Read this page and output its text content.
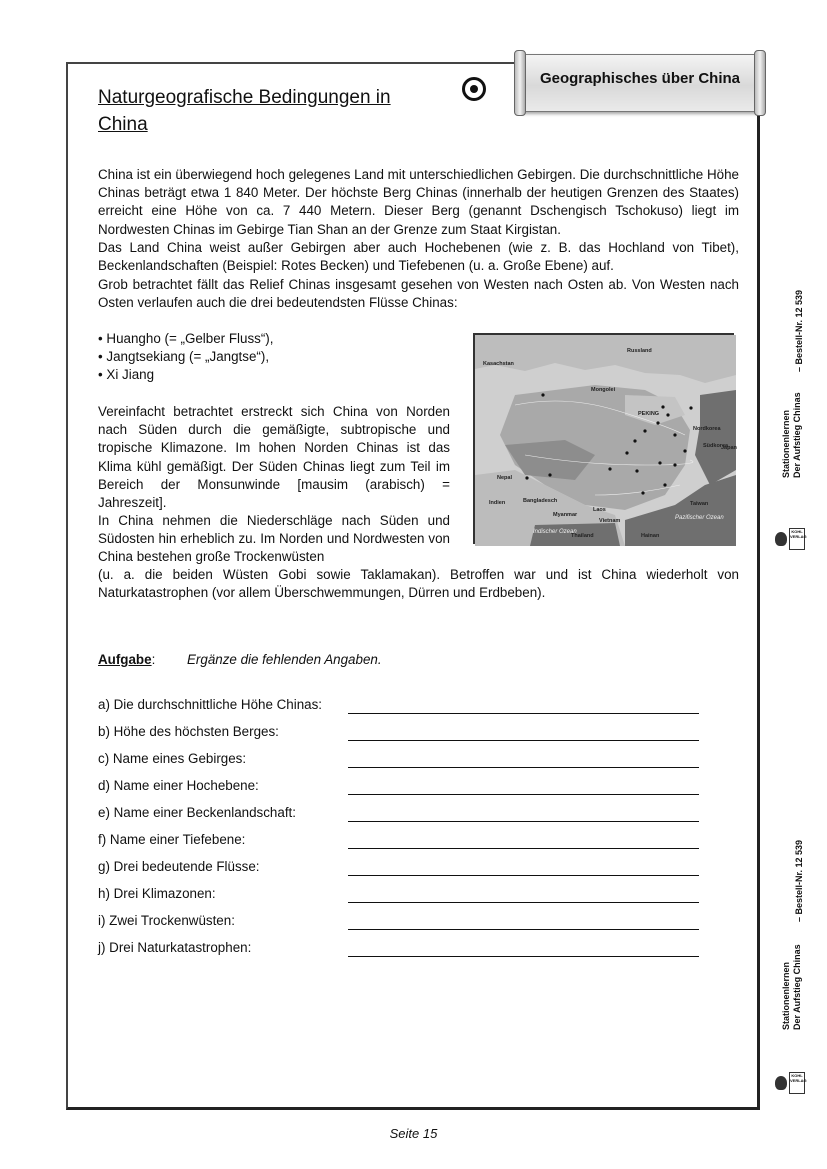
Geographisches über China
Naturgeografische Bedingungen in China
China ist ein überwiegend hoch gelegenes Land mit unterschiedlichen Gebirgen. Die durchschnittliche Höhe Chinas beträgt etwa 1 840 Meter. Der höchste Berg Chinas (innerhalb der heutigen Grenzen des Staates) erreicht eine Höhe von ca. 7 440 Metern. Dieser Berg (genannt Dschengisch Tschokuso) liegt im Nordwesten Chinas im Gebirge Tian Shan an der Grenze zum Staat Kirgistan.
Das Land China weist außer Gebirgen aber auch Hochebenen (wie z. B. das Hochland von Tibet), Beckenlandschaften (Beispiel: Rotes Becken) und Tiefebenen (u. a. Große Ebene) auf.
Grob betrachtet fällt das Relief Chinas insgesamt gesehen von Westen nach Osten ab. Von Westen nach Osten verlaufen auch die drei bedeutendsten Flüsse Chinas:
• Huangho (= „Gelber Fluss“),
• Jangtsekiang (= „Jangtse“),
• Xi Jiang
Vereinfacht betrachtet erstreckt sich China von Norden nach Süden durch die gemäßigte, subtropische und tropische Klimazone. Im hohen Norden Chinas ist das Klima kühl gemäßigt. Der Süden Chinas liegt zum Teil im Bereich der Monsunwinde [mausim (arabisch) = Jahreszeit].
In China nehmen die Niederschläge nach Süden und Südosten hin erheblich zu. Im Norden und Nordwesten von China bestehen große Trockenwüsten
(u. a. die beiden Wüsten Gobi sowie Taklamakan). Betroffen war und ist China wiederholt von Naturkatastrophen (vor allem Überschwemmungen, Dürren und Erdbeben).
Kasachstan
Russland
Mongolei
Nordkorea
Südkorea
Japan
PEKING
Nepal
Indien	Bangladesch
Myanmar
Laos
Vietnam
Thailand
Taiwan
Hainan
Indischer Ozean
Pazifischer Ozean
Aufgabe: Ergänze die fehlenden Angaben.
a) Die durchschnittliche Höhe Chinas:
b) Höhe des höchsten Berges:
c) Name eines Gebirges:
d) Name einer Hochebene:
e) Name einer Beckenlandschaft:
f) Name einer Tiefebene:
g) Drei bedeutende Flüsse:
h) Drei Klimazonen:
i) Zwei Trockenwüsten:
j) Drei Naturkatastrophen:
Stationenlernen Der Aufstieg Chinas
– Bestell-Nr. 12 539
KOHL VERLAG
Stationenlernen Der Aufstieg Chinas
– Bestell-Nr. 12 539
KOHL VERLAG
Seite 15
